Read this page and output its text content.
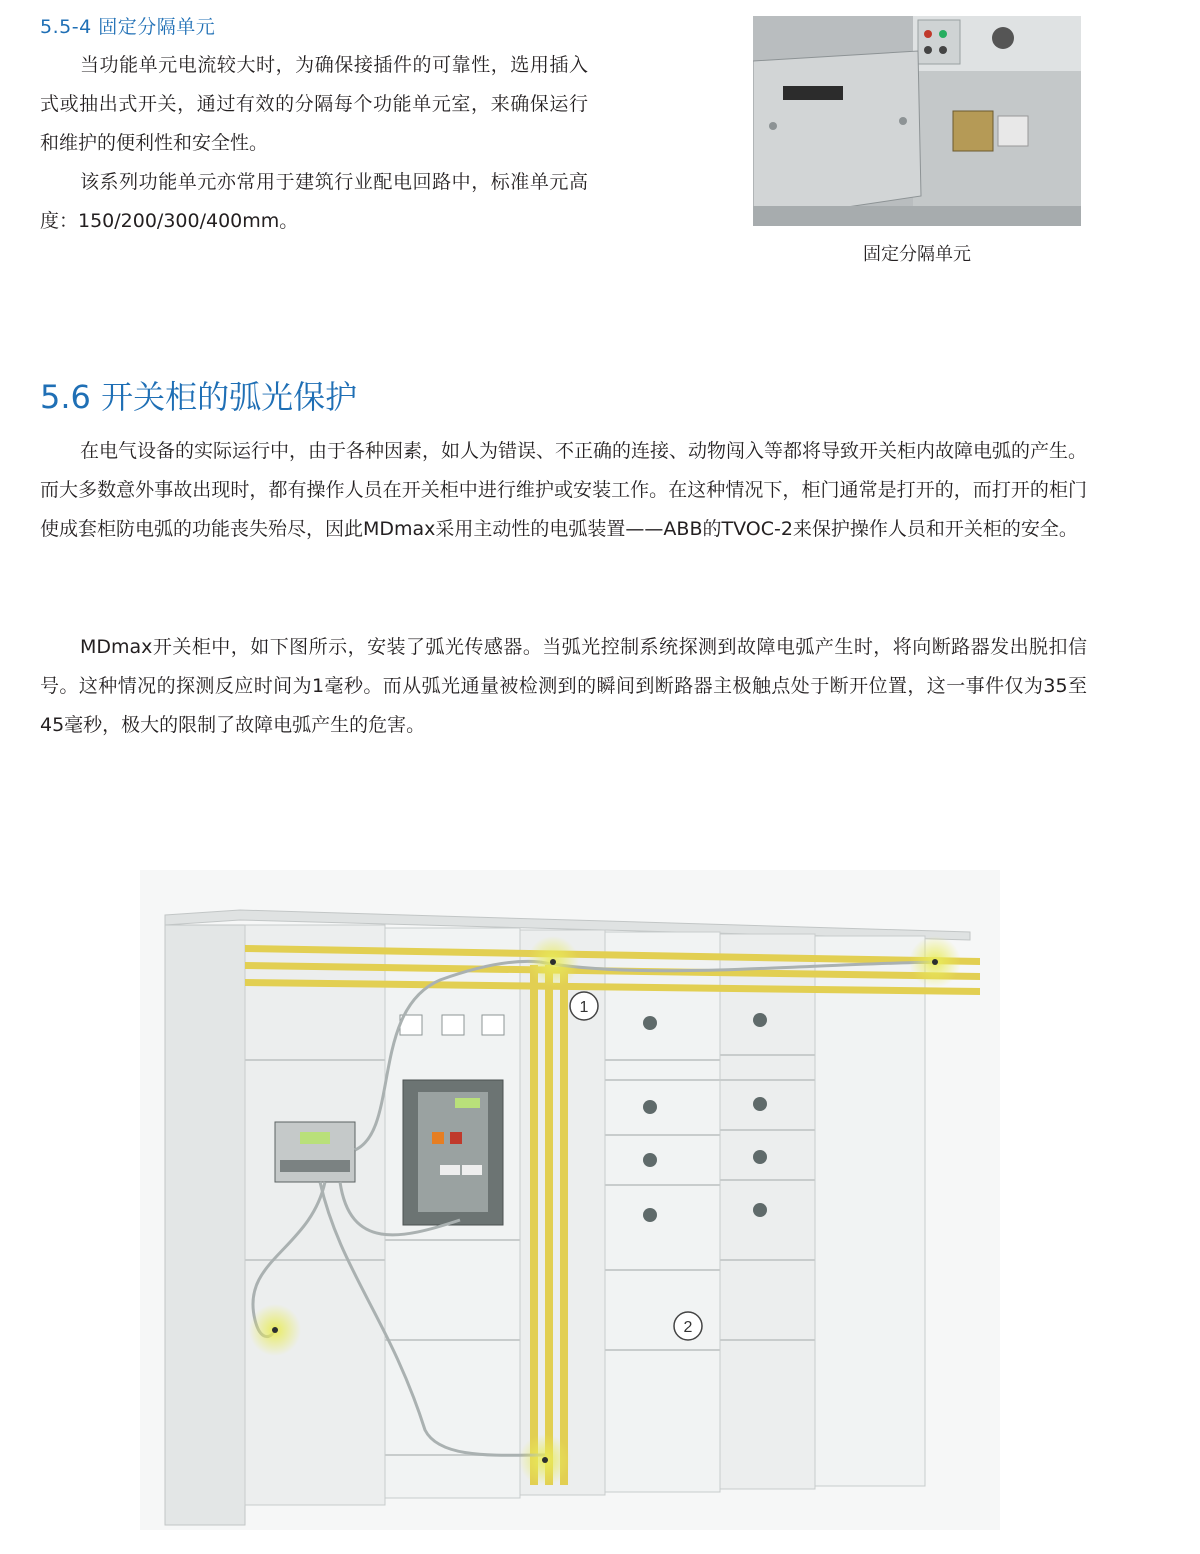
5.5-4 固定分隔单元

当功能单元电流较大时，为确保接插件的可靠性，选用插入式或抽出式开关，通过有效的分隔每个功能单元室，来确保运行和维护的便利性和安全性。

该系列功能单元亦常用于建筑行业配电回路中，标准单元高度：150/200/300/400mm。

固定分隔单元
5.6 开关柜的弧光保护

在电气设备的实际运行中，由于各种因素，如人为错误、不正确的连接、动物闯入等都将导致开关柜内故障电弧的产生。而大多数意外事故出现时，都有操作人员在开关柜中进行维护或安装工作。在这种情况下，柜门通常是打开的，而打开的柜门使成套柜防电弧的功能丧失殆尽，因此MDmax采用主动性的电弧装置——ABB的TVOC-2来保护操作人员和开关柜的安全。

MDmax开关柜中，如下图所示，安装了弧光传感器。当弧光控制系统探测到故障电弧产生时，将向断路器发出脱扣信号。这种情况的探测反应时间为1毫秒。而从弧光通量被检测到的瞬间到断路器主极触点处于断开位置，这一事件仅为35至45毫秒，极大的限制了故障电弧产生的危害。

1
2
